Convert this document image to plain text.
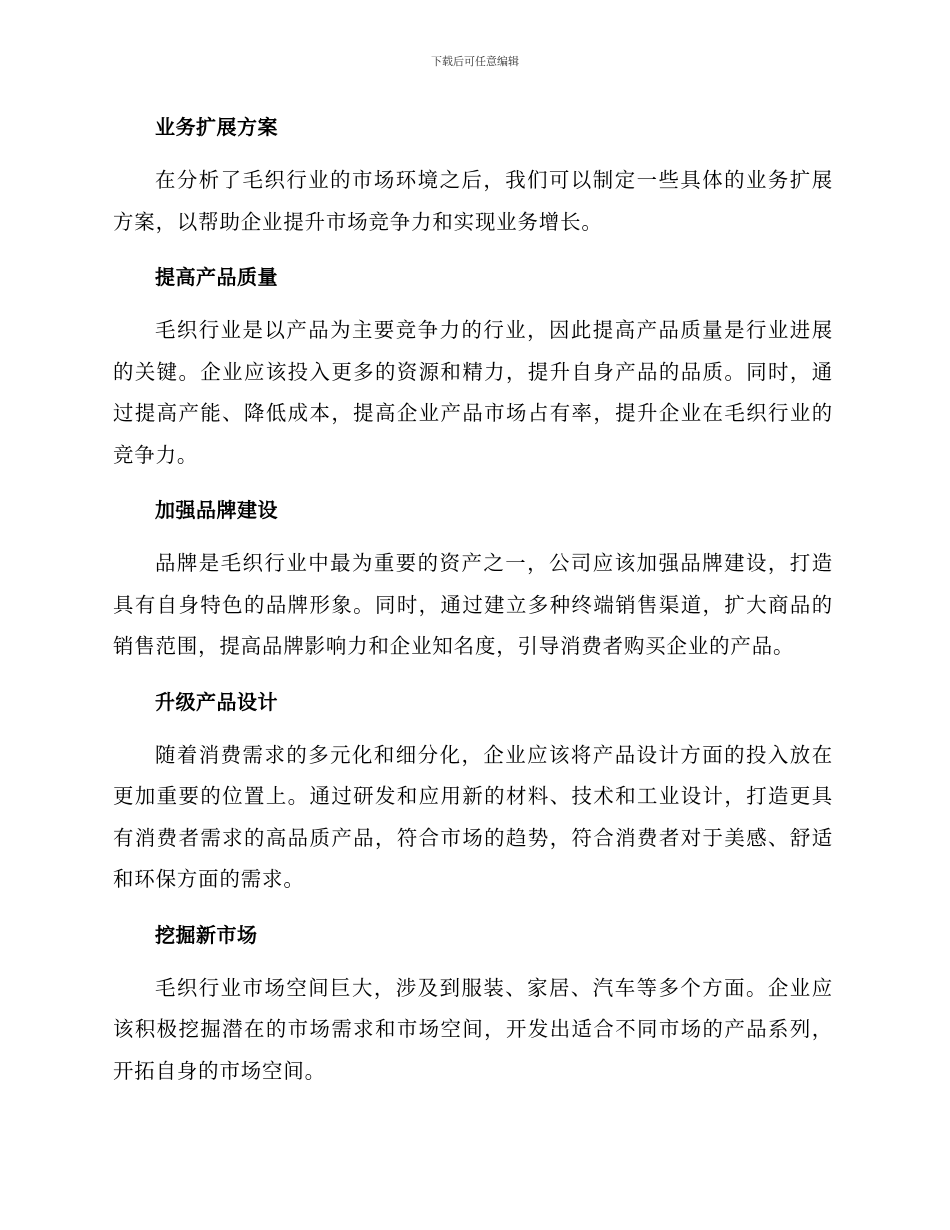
下载后可任意编辑
业务扩展方案

在分析了毛织行业的市场环境之后，我们可以制定一些具体的业务扩展方案，以帮助企业提升市场竞争力和实现业务增长。

提高产品质量

毛织行业是以产品为主要竞争力的行业，因此提高产品质量是行业进展的关键。企业应该投入更多的资源和精力，提升自身产品的品质。同时，通过提高产能、降低成本，提高企业产品市场占有率，提升企业在毛织行业的竞争力。

加强品牌建设

品牌是毛织行业中最为重要的资产之一，公司应该加强品牌建设，打造具有自身特色的品牌形象。同时，通过建立多种终端销售渠道，扩大商品的销售范围，提高品牌影响力和企业知名度，引导消费者购买企业的产品。

升级产品设计

随着消费需求的多元化和细分化，企业应该将产品设计方面的投入放在更加重要的位置上。通过研发和应用新的材料、技术和工业设计，打造更具有消费者需求的高品质产品，符合市场的趋势，符合消费者对于美感、舒适和环保方面的需求。

挖掘新市场

毛织行业市场空间巨大，涉及到服装、家居、汽车等多个方面。企业应该积极挖掘潜在的市场需求和市场空间，开发出适合不同市场的产品系列，开拓自身的市场空间。
